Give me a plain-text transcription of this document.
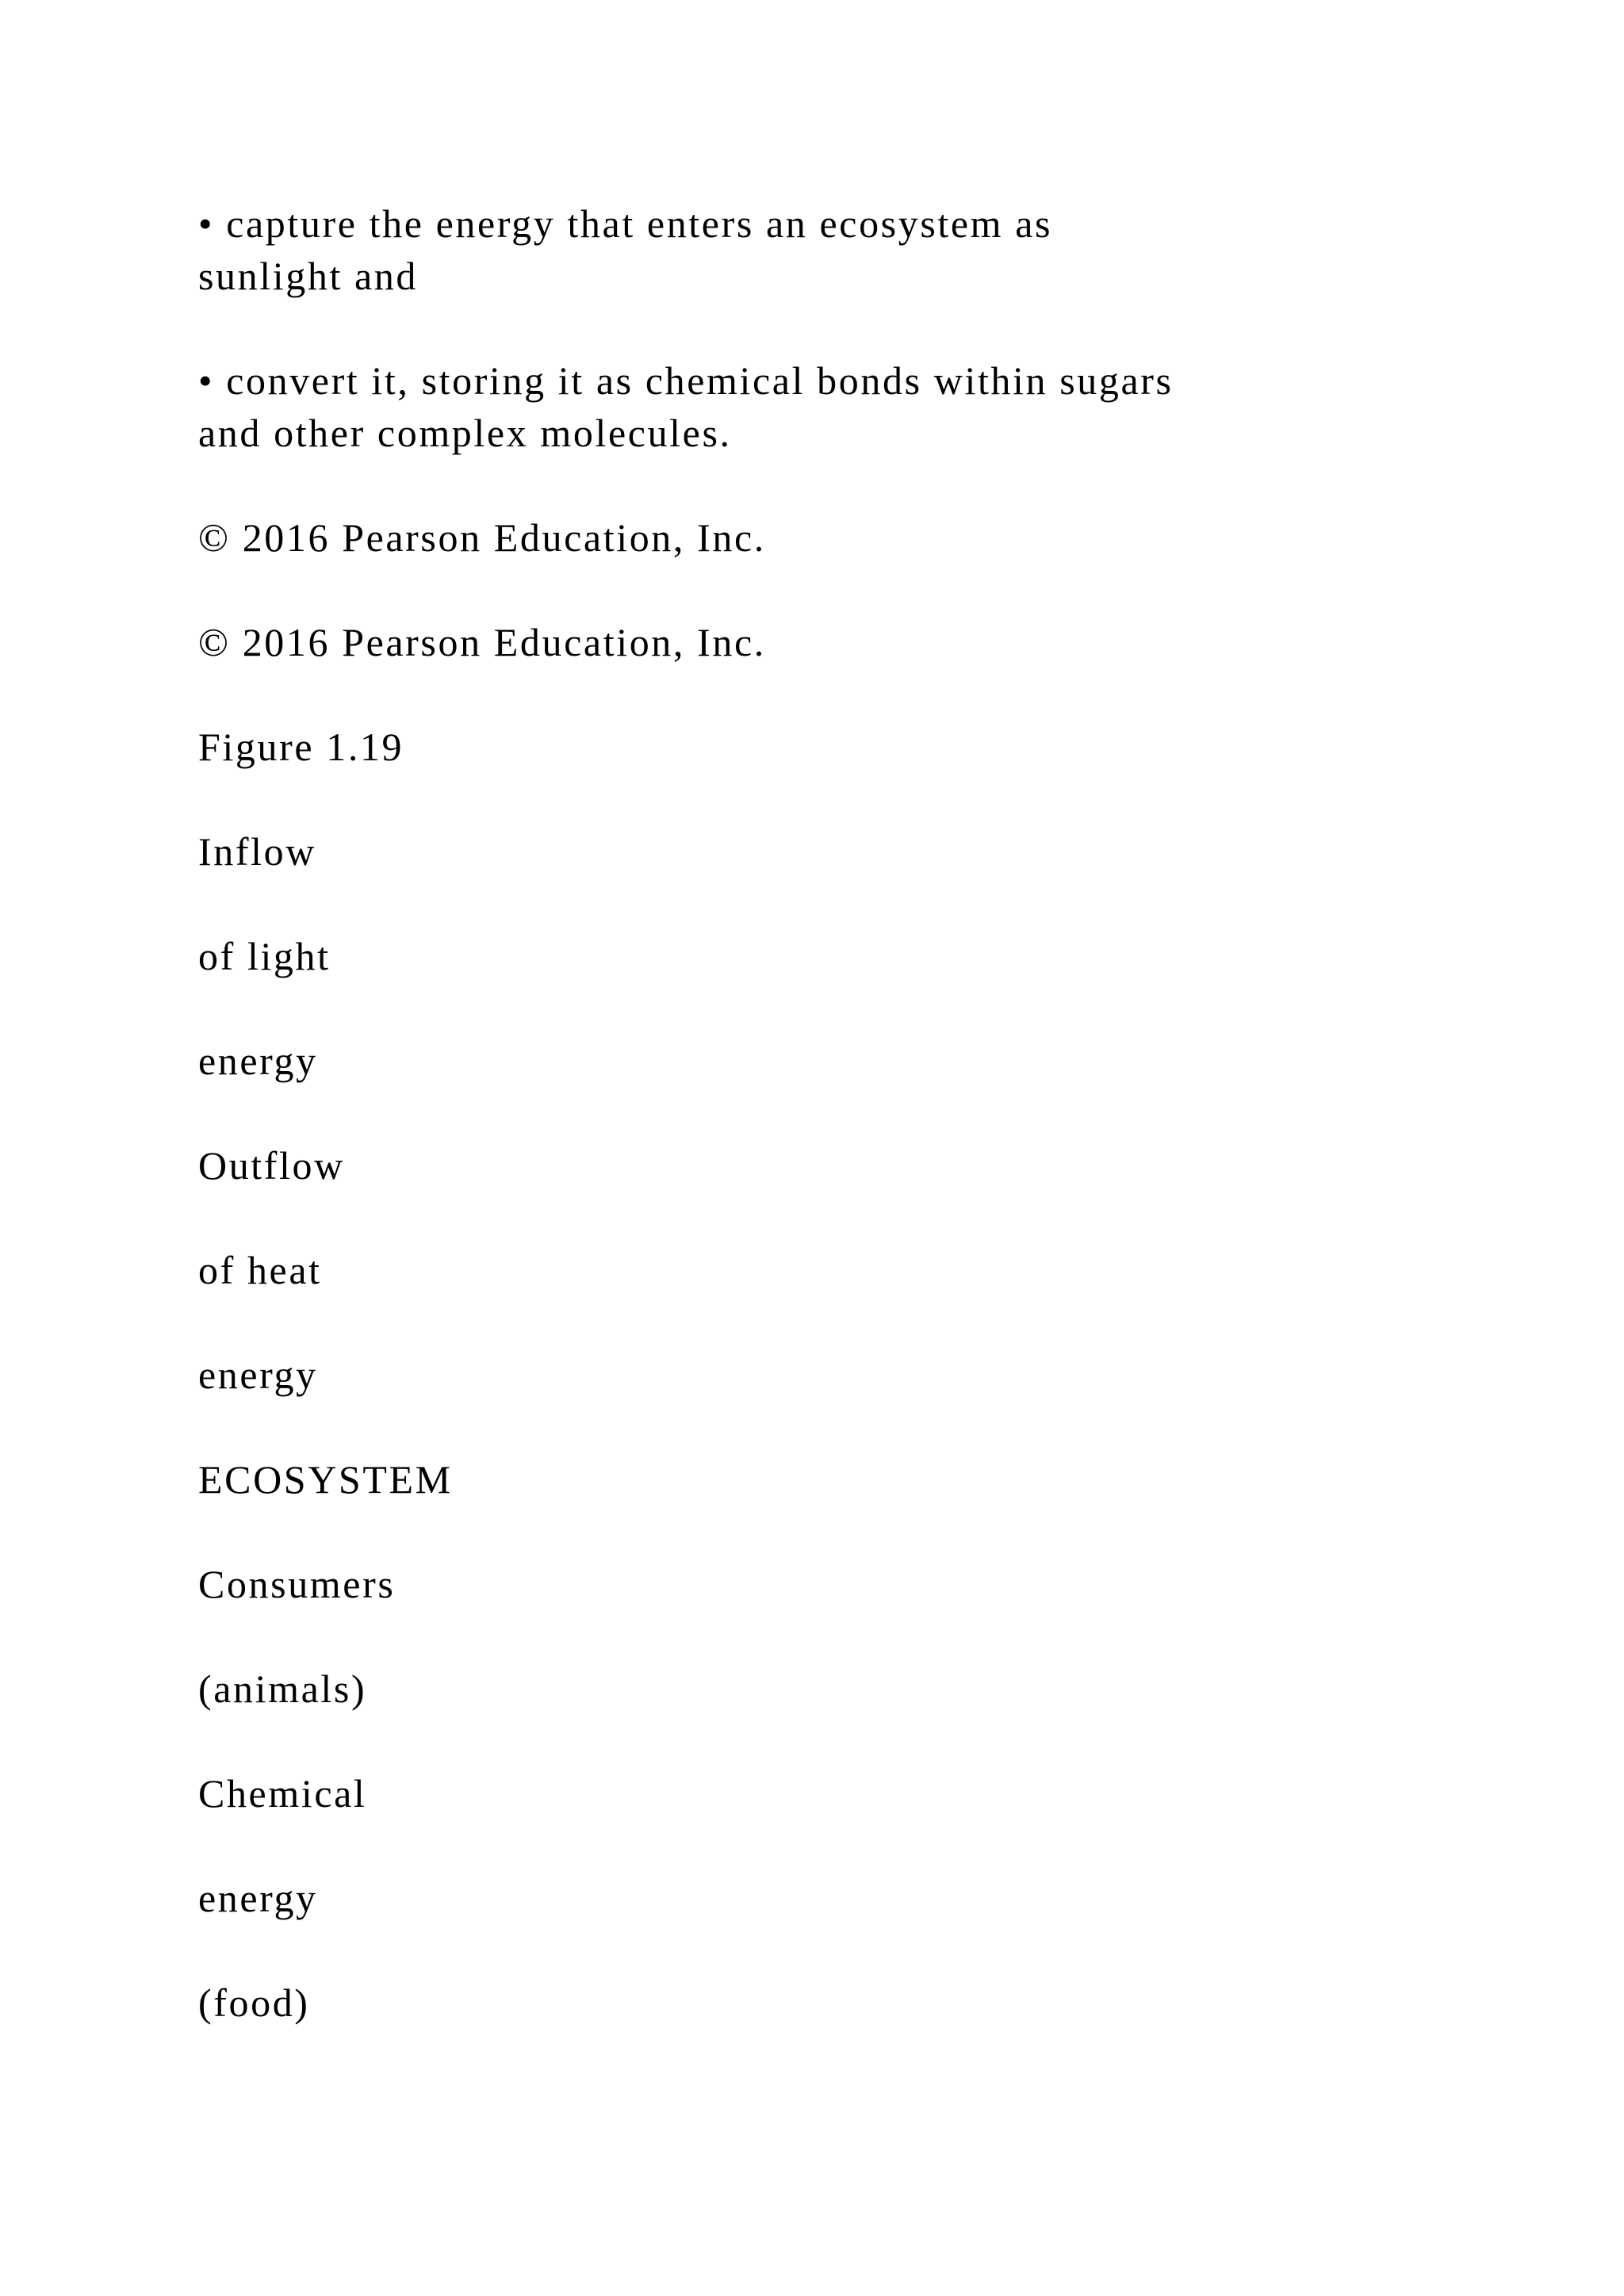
• capture the energy that enters an ecosystem as

sunlight and

• convert it, storing it as chemical bonds within sugars

and other complex molecules.

© 2016 Pearson Education, Inc.

© 2016 Pearson Education, Inc.

Figure 1.19

Inflow

of light

energy

Outflow

of heat

energy

ECOSYSTEM

Consumers

(animals)

Chemical

energy

(food)
